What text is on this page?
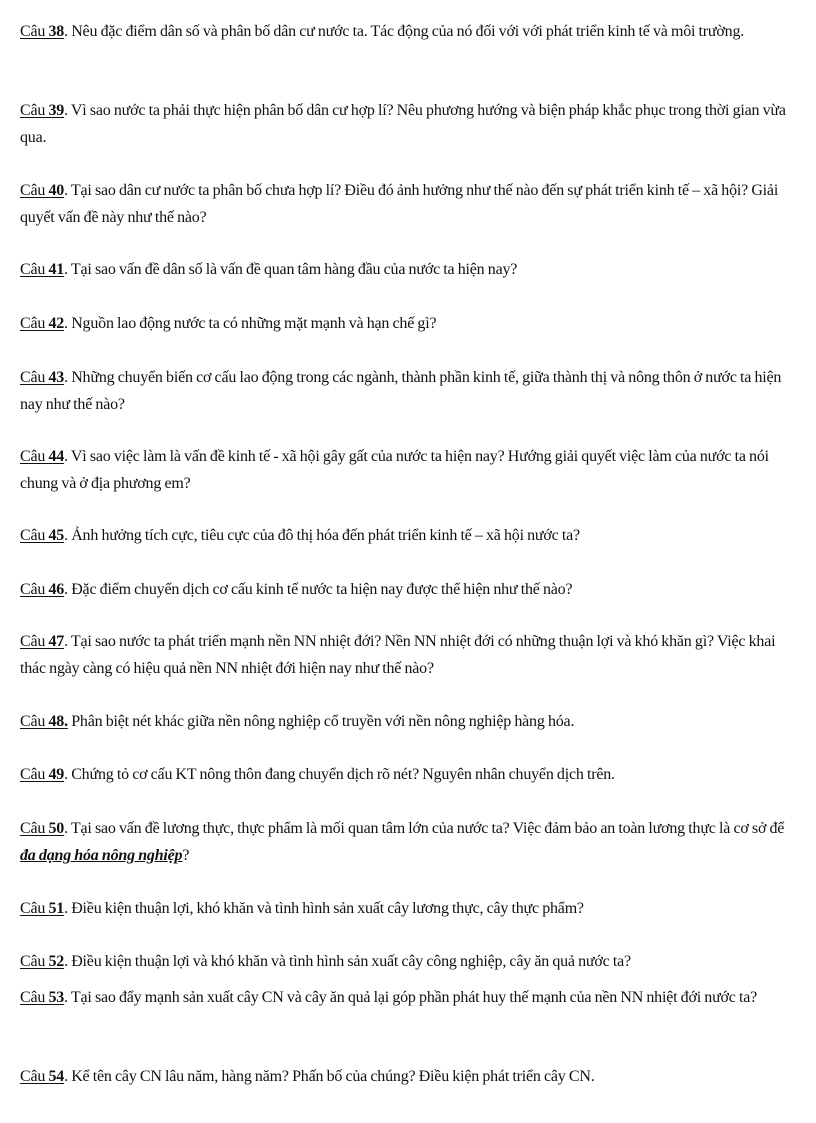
Câu 38. Nêu đặc điểm dân số và phân bố dân cư nước ta. Tác động của nó đối với với phát triển kinh tế và môi trường.

Câu 39. Vì sao nước ta phải thực hiện phân bố dân cư hợp lí? Nêu phương hướng và biện pháp khắc phục trong thời gian vừa qua.

Câu 40. Tại sao dân cư nước ta phân bố chưa hợp lí? Điều đó ảnh hưởng như thế nào đến sự phát triển kinh tế – xã hội? Giải quyết vấn đề này như thế nào?

Câu 41. Tại sao vấn đề dân số là vấn đề quan tâm hàng đầu của nước ta hiện nay?

Câu 42. Nguồn lao động nước ta có những mặt mạnh và hạn chế gì?

Câu 43. Những chuyển biến cơ cấu lao động trong các ngành, thành phần kinh tế, giữa thành thị và nông thôn ở nước ta hiện nay như thế nào?

Câu 44. Vì sao việc làm là vấn đề kinh tế - xã hội gây gất của nước ta hiện nay? Hướng giải quyết việc làm của nước ta nói chung và ở địa phương em?

Câu 45. Ảnh hưởng tích cực, tiêu cực của đô thị hóa đến phát triển kinh tế – xã hội nước ta?

Câu 46. Đặc điểm chuyển dịch cơ cấu kinh tế nước ta hiện nay được thể hiện như thế nào?

Câu 47. Tại sao nước ta phát triển mạnh nền NN nhiệt đới? Nền NN nhiệt đới có những thuận lợi và khó khăn gì? Việc khai thác ngày càng có hiệu quả nền NN nhiệt đới hiện nay như thế nào?

Câu 48. Phân biệt nét khác giữa nền nông nghiệp cổ truyền với nền nông nghiệp hàng hóa.

Câu 49. Chứng tỏ cơ cấu KT nông thôn đang chuyển dịch rõ nét? Nguyên nhân chuyển dịch trên.

Câu 50. Tại sao vấn đề lương thực, thực phẩm là mối quan tâm lớn của nước ta? Việc đảm bảo an toàn lương thực là cơ sở để đa dạng hóa nông nghiệp?

Câu 51. Điều kiện thuận lợi, khó khăn và tình hình sản xuất cây lương thực, cây thực phẩm?

Câu 52. Điều kiện thuận lợi và khó khăn và tình hình sản xuất cây công nghiệp, cây ăn quả nước ta?

Câu 53. Tại sao đẩy mạnh sản xuất cây CN và cây ăn quả lại góp phần phát huy thế mạnh của nền NN nhiệt đới nước ta?

Câu 54. Kể tên cây CN lâu năm, hàng năm? Phấn bố của chúng? Điều kiện phát triển cây CN.
